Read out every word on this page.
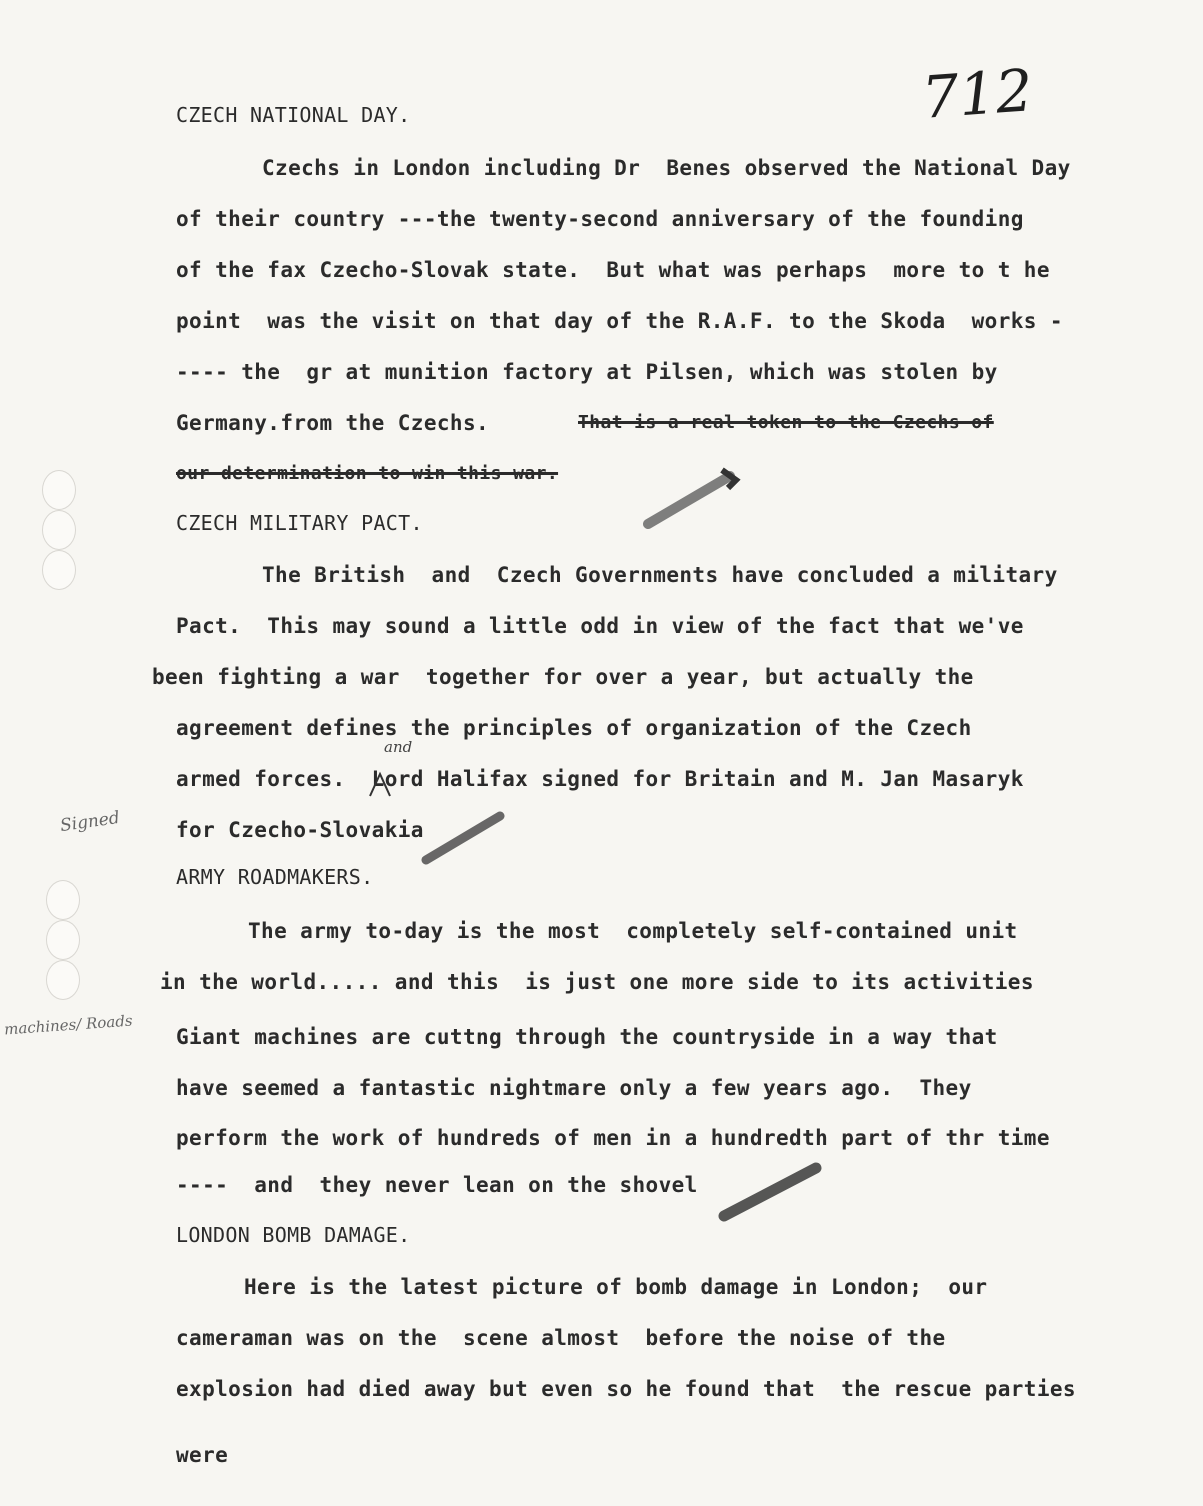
712
CZECH NATIONAL DAY.
Czechs in London including Dr  Benes observed the National Day
of their country ---the twenty-second anniversary of the founding
of the fax Czecho-Slovak state.  But what was perhaps  more to t he
point  was the visit on that day of the R.A.F. to the Skoda  works -
---- the  gr at munition factory at Pilsen, which was stolen by
Germany.from the Czechs.	That is a real token to the Czechs of
our determination to win this war.
CZECH MILITARY PACT.
The British  and  Czech Governments have concluded a military
Pact.  This may sound a little odd in view of the fact that we've
been fighting a war  together for over a year, but actually the
agreement defines the principles of organization of the Czech
and
armed forces.  Lord Halifax signed for Britain and M. Jan Masaryk
for Czecho-Slovakia
ARMY ROADMAKERS.
The army to-day is the most  completely self-contained unit
in the world..... and this  is just one more side to its activities
Giant machines are cuttng through the countryside in a way that
have seemed a fantastic nightmare only a few years ago.  They
perform the work of hundreds of men in a hundredth part of thr time
----  and  they never lean on the shovel
LONDON BOMB DAMAGE.
Here is the latest picture of bomb damage in London;  our
cameraman was on the  scene almost  before the noise of the
explosion had died away but even so he found that  the rescue parties
were
Signed
machines/ Roads
